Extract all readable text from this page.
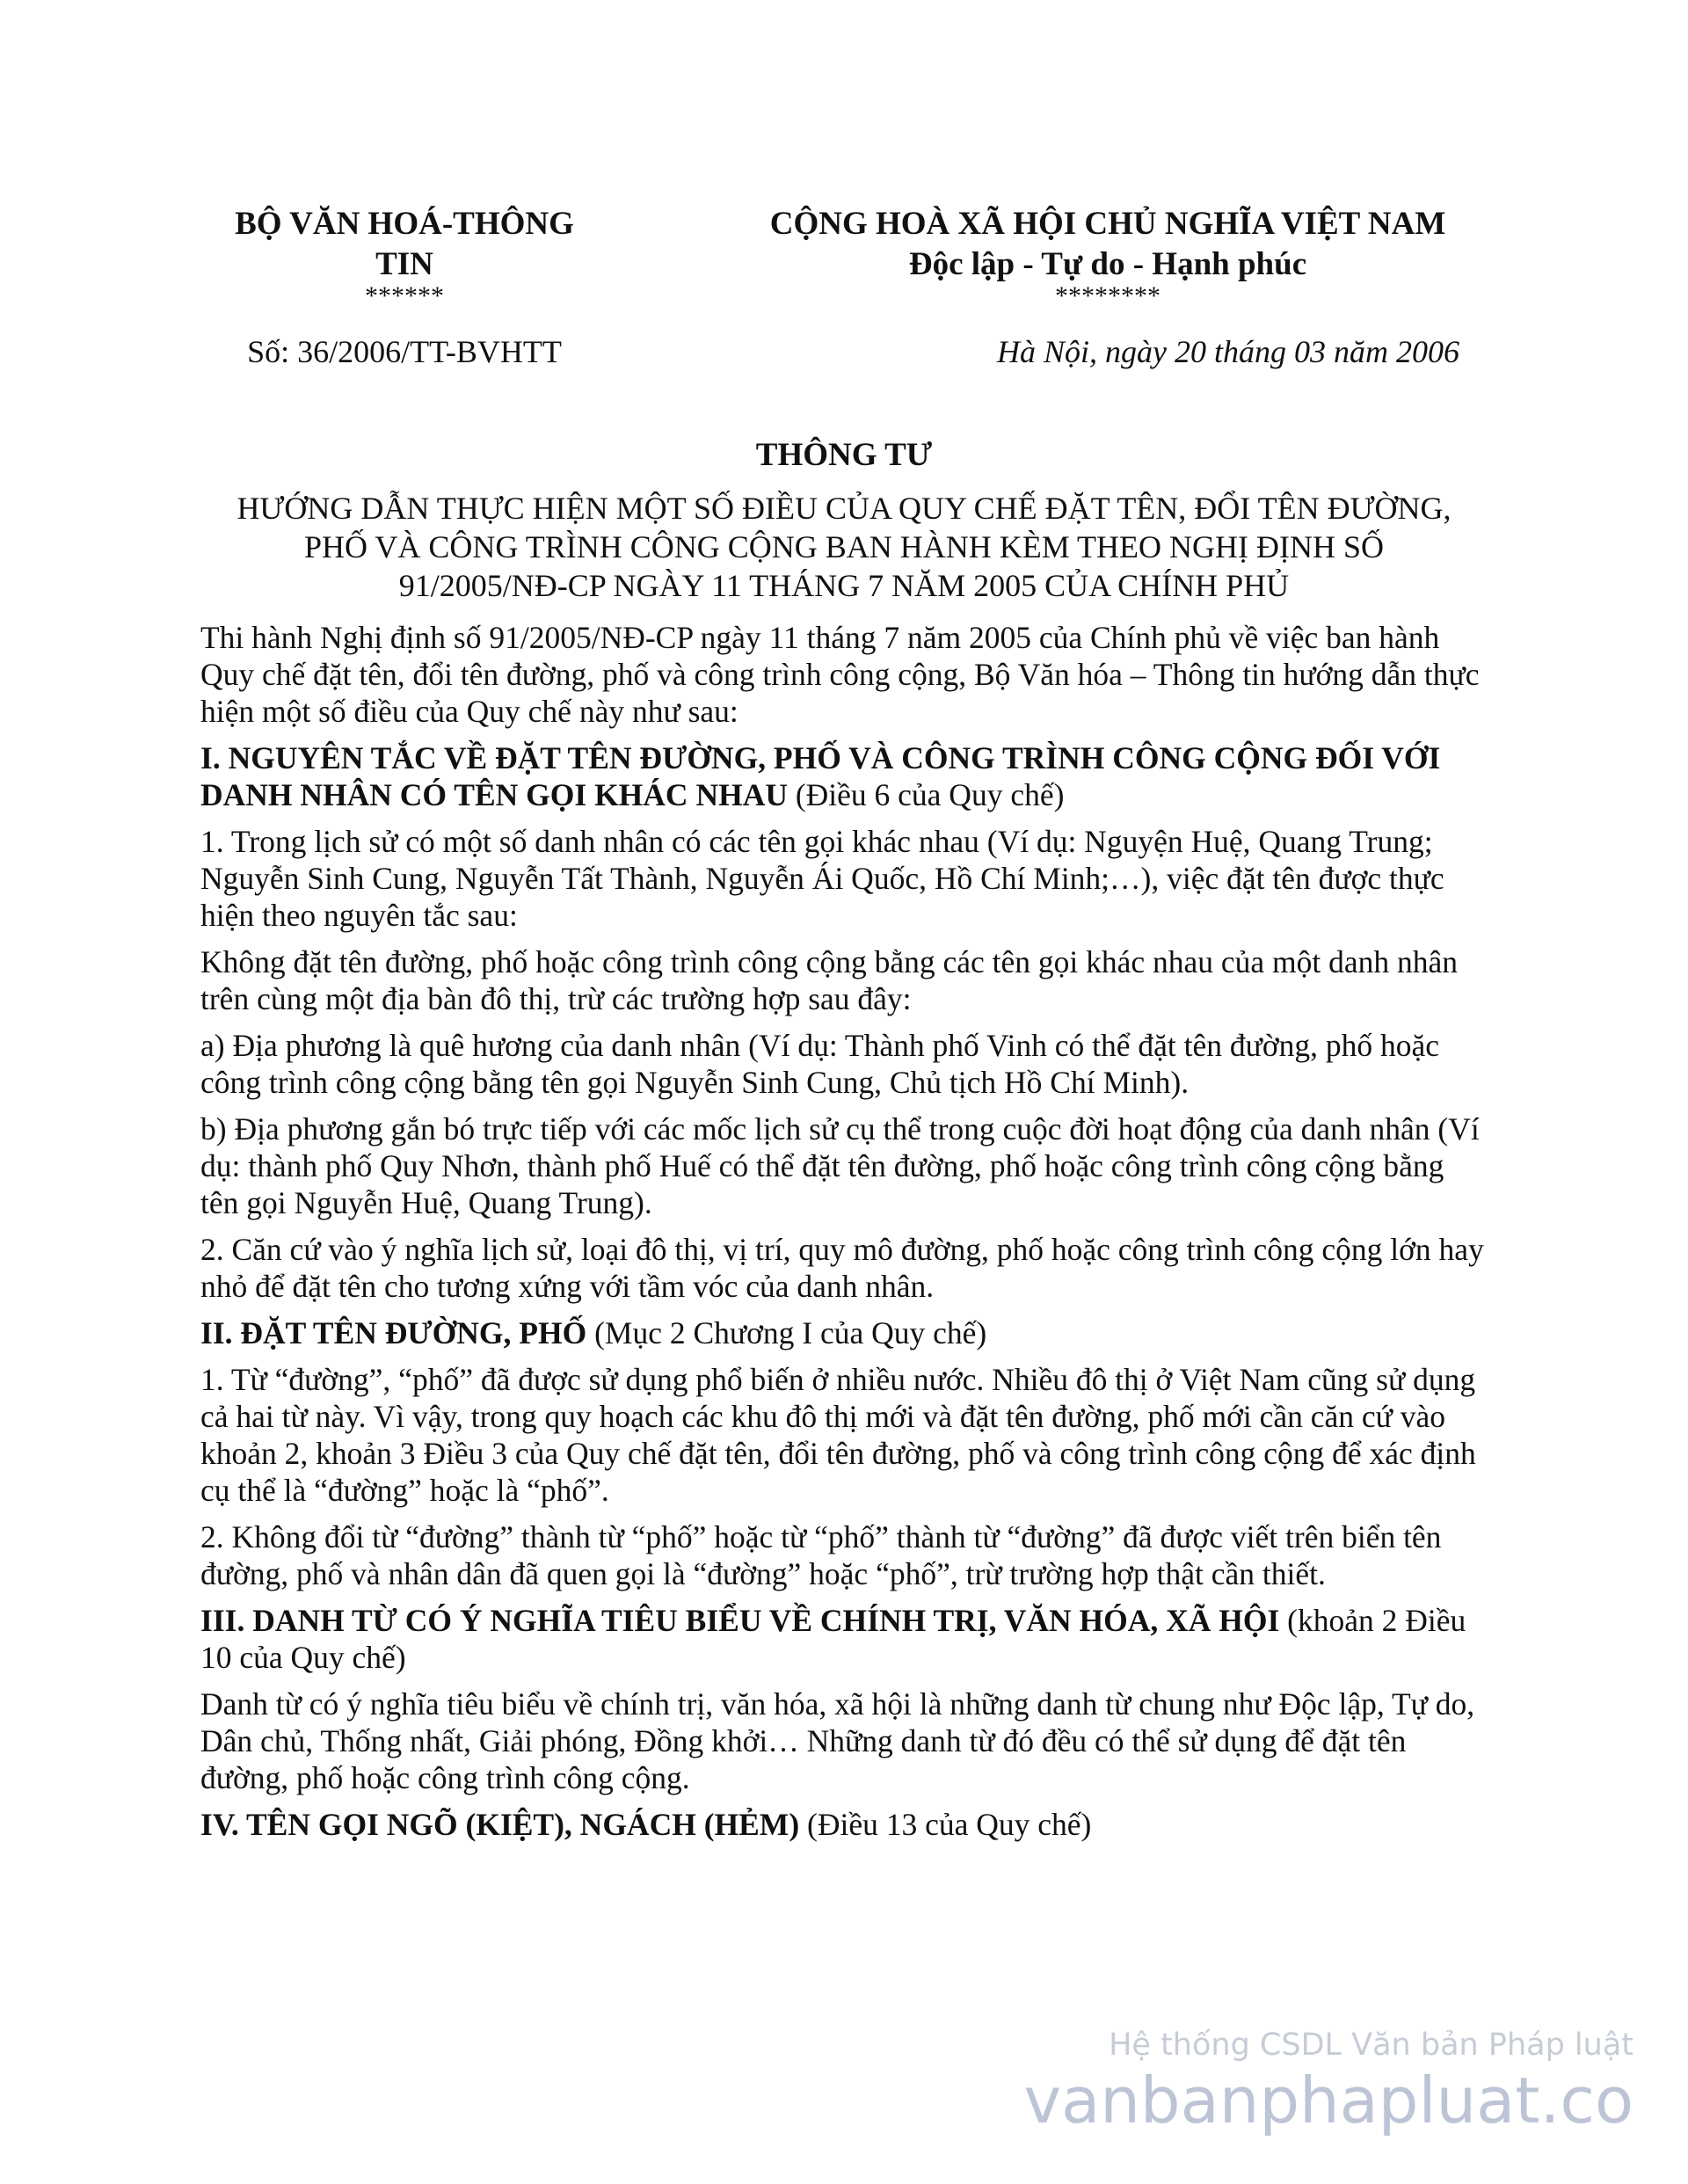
BỘ VĂN HOÁ-THÔNG
TIN
******
CỘNG HOÀ XÃ HỘI CHỦ NGHĨA VIỆT NAM
Độc lập - Tự do - Hạnh phúc
********
Số: 36/2006/TT-BVHTT	Hà Nội, ngày 20 tháng 03 năm 2006
THÔNG TƯ
HƯỚNG DẪN THỰC HIỆN MỘT SỐ ĐIỀU CỦA QUY CHẾ ĐẶT TÊN, ĐỔI TÊN ĐƯỜNG,
PHỐ VÀ CÔNG TRÌNH CÔNG CỘNG BAN HÀNH KÈM THEO NGHỊ ĐỊNH SỐ
91/2005/NĐ-CP NGÀY 11 THÁNG 7 NĂM 2005 CỦA CHÍNH PHỦ

Thi hành Nghị định số 91/2005/NĐ-CP ngày 11 tháng 7 năm 2005 của Chính phủ về việc ban hành Quy chế đặt tên, đổi tên đường, phố và công trình công cộng, Bộ Văn hóa – Thông tin hướng dẫn thực hiện một số điều của Quy chế này như sau:

I. NGUYÊN TẮC VỀ ĐẶT TÊN ĐƯỜNG, PHỐ VÀ CÔNG TRÌNH CÔNG CỘNG ĐỐI VỚI DANH NHÂN CÓ TÊN GỌI KHÁC NHAU (Điều 6 của Quy chế)

1. Trong lịch sử có một số danh nhân có các tên gọi khác nhau (Ví dụ: Nguyện Huệ, Quang Trung; Nguyễn Sinh Cung, Nguyễn Tất Thành, Nguyễn Ái Quốc, Hồ Chí Minh;…), việc đặt tên được thực hiện theo nguyên tắc sau:

Không đặt tên đường, phố hoặc công trình công cộng bằng các tên gọi khác nhau của một danh nhân trên cùng một địa bàn đô thị, trừ các trường hợp sau đây:

a) Địa phương là quê hương của danh nhân (Ví dụ: Thành phố Vinh có thể đặt tên đường, phố hoặc công trình công cộng bằng tên gọi Nguyễn Sinh Cung, Chủ tịch Hồ Chí Minh).

b) Địa phương gắn bó trực tiếp với các mốc lịch sử cụ thể trong cuộc đời hoạt động của danh nhân (Ví dụ: thành phố Quy Nhơn, thành phố Huế có thể đặt tên đường, phố hoặc công trình công cộng bằng tên gọi Nguyễn Huệ, Quang Trung).

2. Căn cứ vào ý nghĩa lịch sử, loại đô thị, vị trí, quy mô đường, phố hoặc công trình công cộng lớn hay nhỏ để đặt tên cho tương xứng với tầm vóc của danh nhân.

II. ĐẶT TÊN ĐƯỜNG, PHỐ (Mục 2 Chương I của Quy chế)

1. Từ “đường”, “phố” đã được sử dụng phổ biến ở nhiều nước. Nhiều đô thị ở Việt Nam cũng sử dụng cả hai từ này. Vì vậy, trong quy hoạch các khu đô thị mới và đặt tên đường, phố mới cần căn cứ vào khoản 2, khoản 3 Điều 3 của Quy chế đặt tên, đổi tên đường, phố và công trình công cộng để xác định cụ thể là “đường” hoặc là “phố”.

2. Không đổi từ “đường” thành từ “phố” hoặc từ “phố” thành từ “đường” đã được viết trên biển tên đường, phố và nhân dân đã quen gọi là “đường” hoặc “phố”, trừ trường hợp thật cần thiết.

III. DANH TỪ CÓ Ý NGHĨA TIÊU BIỂU VỀ CHÍNH TRỊ, VĂN HÓA, XÃ HỘI (khoản 2 Điều 10 của Quy chế)

Danh từ có ý nghĩa tiêu biểu về chính trị, văn hóa, xã hội là những danh từ chung như Độc lập, Tự do, Dân chủ, Thống nhất, Giải phóng, Đồng khởi… Những danh từ đó đều có thể sử dụng để đặt tên đường, phố hoặc công trình công cộng.

IV. TÊN GỌI NGÕ (KIỆT), NGÁCH (HẺM) (Điều 13 của Quy chế)

Hệ thống CSDL Văn bản Pháp luật
vanbanphapluat.co
